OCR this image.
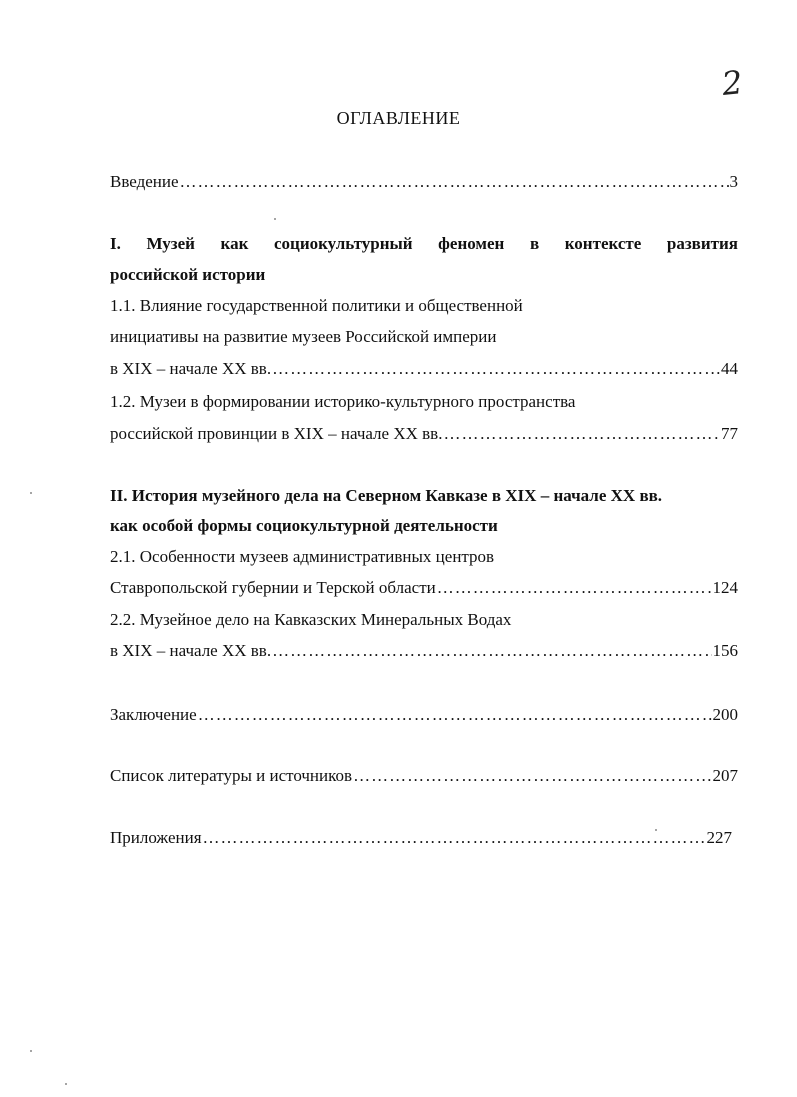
2
ОГЛАВЛЕНИЕ
Введение ……………………………………………………………………………………………………………………………………………………………………	3
I. Музей как социокультурный феномен в контексте развития
российской истории
1.1. Влияние государственной политики и общественной
инициативы на развитие музеев Российской империи
в XIX – начале XX вв. ……………………………………………………………………………………………………………………………………………………………………	44
1.2. Музеи в формировании историко-культурного пространства
российской провинции в XIX – начале XX вв. ……………………………………………………………………………………………………………………………………………………………………	77
II. История музейного дела на Северном Кавказе в XIX – начале XX вв.
как особой формы социокультурной деятельности
2.1. Особенности музеев административных центров
Ставропольской губернии и Терской области ……………………………………………………………………………………………………………………………………………………………………	124
2.2. Музейное дело на Кавказских Минеральных Водах
в XIX – начале XX вв. ……………………………………………………………………………………………………………………………………………………………………	156
Заключение ……………………………………………………………………………………………………………………………………………………………………	200
Список литературы и источников ……………………………………………………………………………………………………………………………………………………………………	207
Приложения ……………………………………………………………………………………………………………………………………………………………………	227
